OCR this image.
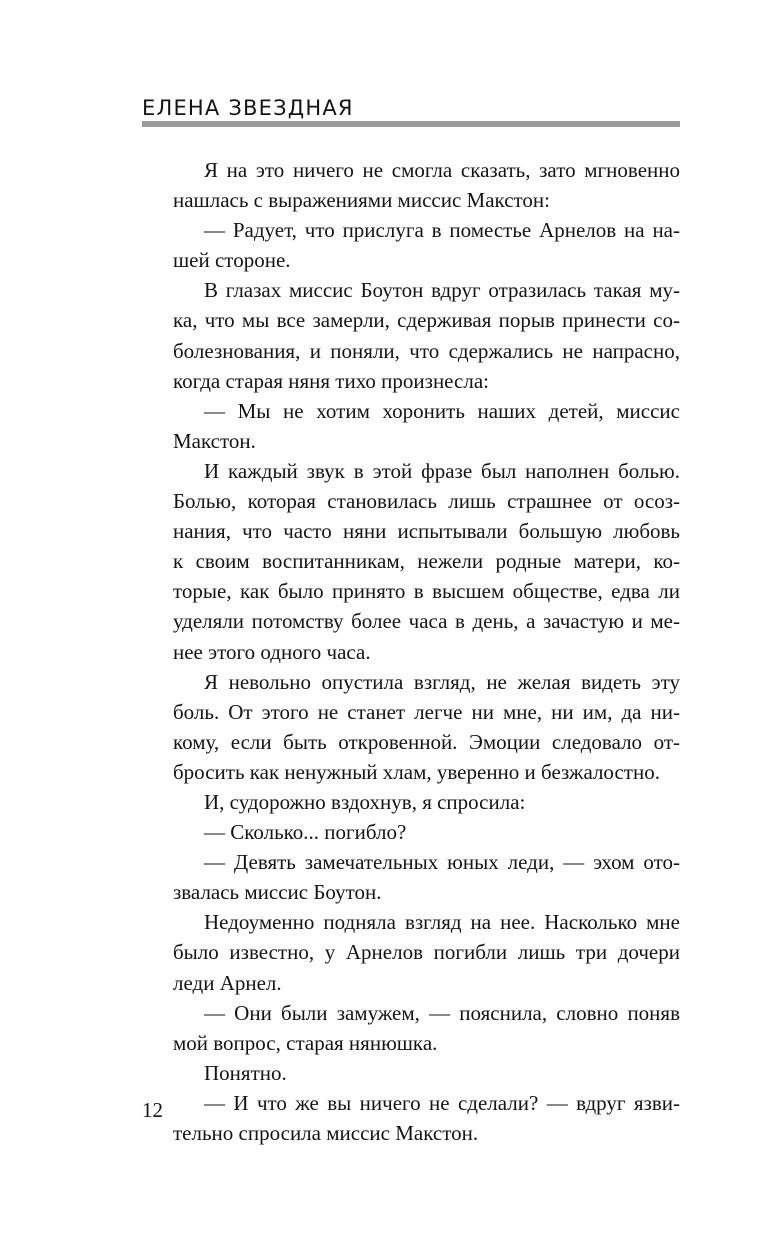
ЕЛЕНА ЗВЕЗДНАЯ

Я на это ничего не смогла сказать, зато мгновенно
нашлась с выражениями миссис Макстон:

— Радует, что прислуга в поместье Арнелов на на-
шей стороне.

В глазах миссис Боутон вдруг отразилась такая му-
ка, что мы все замерли, сдерживая порыв принести со-
болезнования, и поняли, что сдержались не напрасно,
когда старая няня тихо произнесла:

— Мы не хотим хоронить наших детей, миссис
Макстон.

И каждый звук в этой фразе был наполнен болью.
Болью, которая становилась лишь страшнее от осоз-
нания, что часто няни испытывали большую любовь
к своим воспитанникам, нежели родные матери, ко-
торые, как было принято в высшем обществе, едва ли
уделяли потомству более часа в день, а зачастую и ме-
нее этого одного часа.

Я невольно опустила взгляд, не желая видеть эту
боль. От этого не станет легче ни мне, ни им, да ни-
кому, если быть откровенной. Эмоции следовало от-
бросить как ненужный хлам, уверенно и безжалостно.

И, судорожно вздохнув, я спросила:

— Сколько... погибло?

— Девять замечательных юных леди, — эхом ото-
звалась миссис Боутон.

Недоуменно подняла взгляд на нее. Насколько мне
было известно, у Арнелов погибли лишь три дочери
леди Арнел.

— Они были замужем, — пояснила, словно поняв
мой вопрос, старая нянюшка.

Понятно.

— И что же вы ничего не сделали? — вдруг язви-
тельно спросила миссис Макстон.

12
